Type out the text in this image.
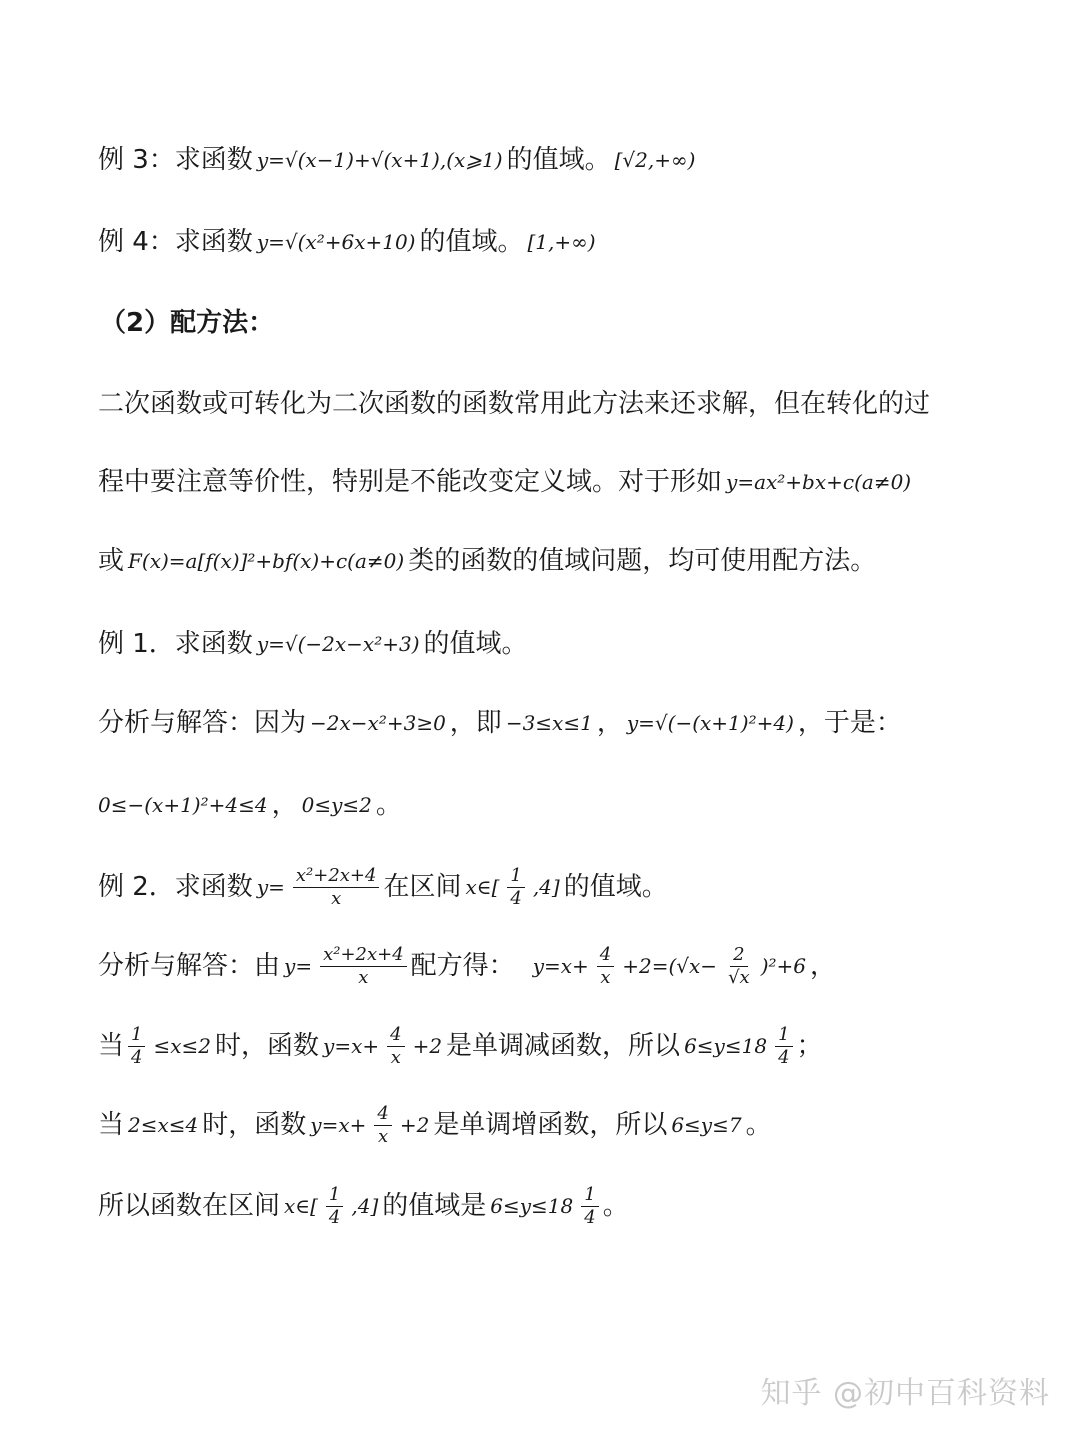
例 3：求函数 y=√(x−1)+√(x+1),(x⩾1) 的值域。 [√2,+∞)
例 4：求函数 y=√(x²+6x+10) 的值域。 [1,+∞)
（2）配方法：
二次函数或可转化为二次函数的函数常用此方法来还求解，但在转化的过
程中要注意等价性，特别是不能改变定义域。对于形如 y=ax²+bx+c(a≠0)
或 F(x)=a[f(x)]²+bf(x)+c(a≠0) 类的函数的值域问题，均可使用配方法。
例 1．求函数 y=√(−2x−x²+3) 的值域。
分析与解答：因为 −2x−x²+3≥0 ，即 −3≤x≤1 ， y=√(−(x+1)²+4) ，于是：
0≤−(x+1)²+4≤4 ， 0≤y≤2 。
例 2．求函数 $y= \frac{\text{x²+2x+4}}{x}$ 在区间 x∈[ $\frac{1}{4} ,4$] 的值域。
分析与解答：由 $y= \frac{\text{x²+2x+4}}{x}$ 配方得： $y=x+ \frac{4}{x} +2=(√x- \frac{2}{√x} )^2+6$ ，
当 $\frac{1}{4} \le x\le 2$ 时，函数 $y=x+ \frac{4}{x} +2$ 是单调减函数，所以 $6\le y\le 18 \frac{1}{4}$ ；
当 2≤x≤4 时，函数 $y=x+ \frac{4}{x} +2$ 是单调增函数，所以 6≤y≤7 。
所以函数在区间 x∈[ $\frac{1}{4} ,4$] 的值域是 $6\le y\le 18 \frac{1}{4}$ 。
知乎 @初中百科资料
